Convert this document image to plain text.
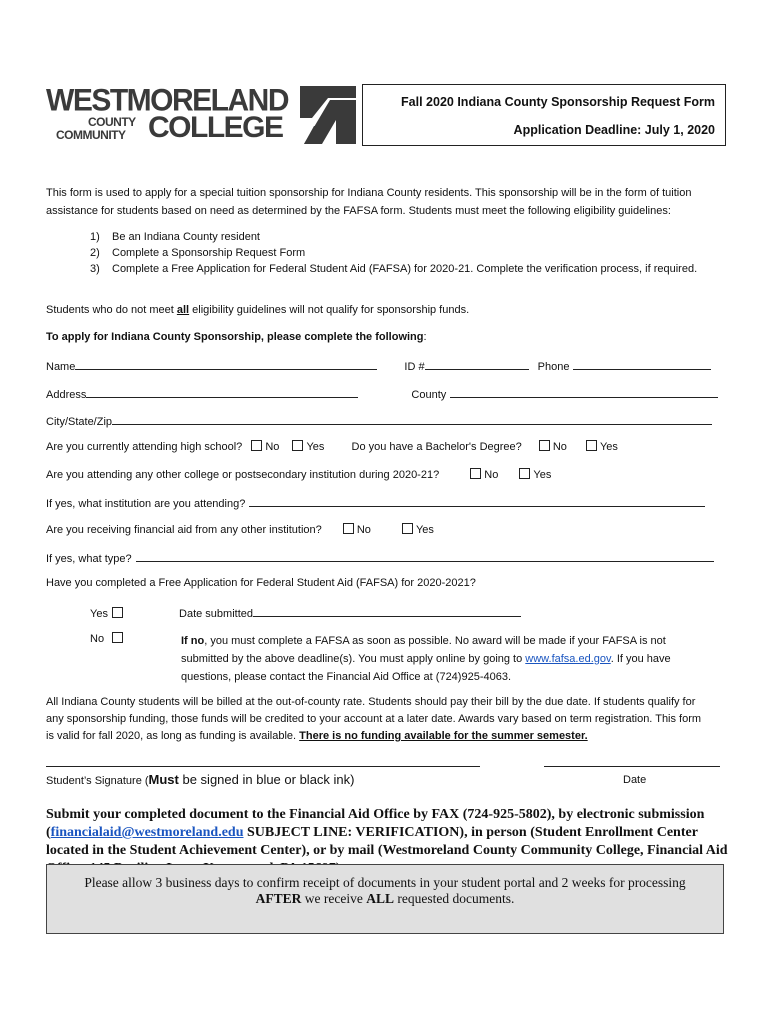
WESTMORELAND
COUNTY
COMMUNITY COLLEGE
Fall 2020 Indiana County Sponsorship Request Form
Application Deadline: July 1, 2020
This form is used to apply for a special tuition sponsorship for Indiana County residents. This sponsorship will be in the form of tuition assistance for students based on need as determined by the FAFSA form. Students must meet the following eligibility guidelines:
1) Be an Indiana County resident
2) Complete a Sponsorship Request Form
3) Complete a Free Application for Federal Student Aid (FAFSA) for 2020-21. Complete the verification process, if required.
Students who do not meet all eligibility guidelines will not qualify for sponsorship funds.
To apply for Indiana County Sponsorship, please complete the following:
Name	ID #	Phone
Address	County
City/State/Zip
Are you currently attending high school? No Yes Do you have a Bachelor's Degree?	No	Yes
Are you attending any other college or postsecondary institution during 2020-21?	No	Yes
If yes, what institution are you attending?
Are you receiving financial aid from any other institution?	No	Yes
If yes, what type?
Have you completed a Free Application for Federal Student Aid (FAFSA) for 2020-2021?
Yes	Date submitted
No	If no, you must complete a FAFSA as soon as possible. No award will be made if your FAFSA is not
submitted by the above deadline(s). You must apply online by going to www.fafsa.ed.gov. If you have
questions, please contact the Financial Aid Office at (724)925-4063.
All Indiana County students will be billed at the out-of-county rate. Students should pay their bill by the due date. If students qualify for
any sponsorship funding, those funds will be credited to your account at a later date. Awards vary based on term registration. This form
is valid for fall 2020, as long as funding is available. There is no funding available for the summer semester.
Student’s Signature (Must be signed in blue or black ink)	Date
Submit your completed document to the Financial Aid Office by FAX (724-925-5802), by electronic submission
(financialaid@westmoreland.edu SUBJECT LINE: VERIFICATION), in person (Student Enrollment Center
located in the Student Achievement Center), or by mail (Westmoreland County Community College, Financial Aid
Please allow 3 business days to confirm receipt of documents in your student portal and 2 weeks for processing
AFTER we receive ALL requested documents.
